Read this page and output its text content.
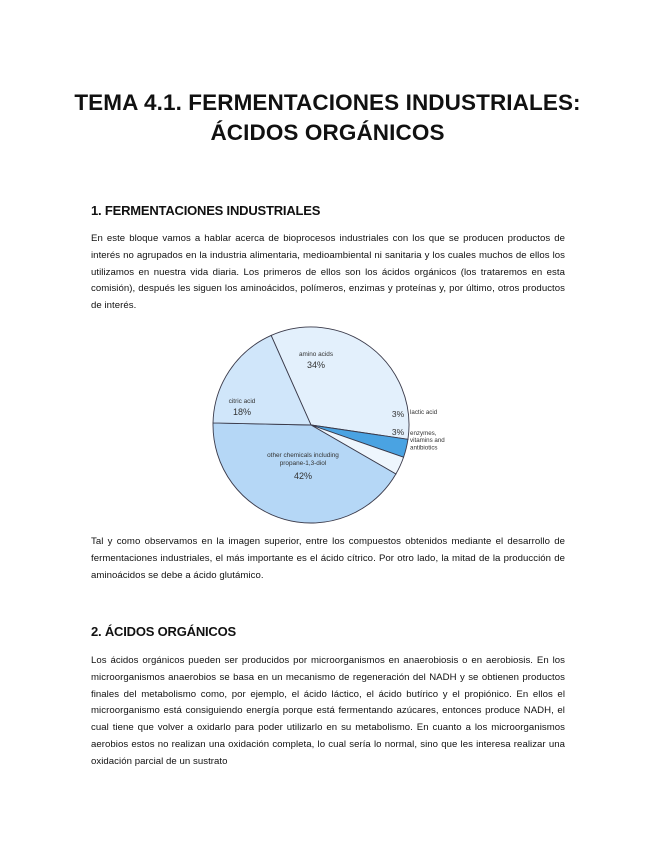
TEMA 4.1. FERMENTACIONES INDUSTRIALES: ÁCIDOS ORGÁNICOS
1. FERMENTACIONES INDUSTRIALES
En este bloque vamos a hablar acerca de bioprocesos industriales con los que se producen productos de interés no agrupados en la industria alimentaria, medioambiental ni sanitaria y los cuales muchos de ellos los utilizamos en nuestra vida diaria. Los primeros de ellos son los ácidos orgánicos (los trataremos en esta comisión), después les siguen los aminoácidos, polímeros, enzimas y proteínas y, por último, otros productos de interés.
amino acids
34%
3% lactic acid
3% enzymes,
vitamins and
antibiotics
other chemicals including
propane-1,3-diol
42%
citric acid
18%
Tal y como observamos en la imagen superior, entre los compuestos obtenidos mediante el desarrollo de fermentaciones industriales, el más importante es el ácido cítrico. Por otro lado, la mitad de la producción de aminoácidos se debe a ácido glutámico.
2. ÁCIDOS ORGÁNICOS
Los ácidos orgánicos pueden ser producidos por microorganismos en anaerobiosis o en aerobiosis. En los microorganismos anaerobios se basa en un mecanismo de regeneración del NADH y se obtienen productos finales del metabolismo como, por ejemplo, el ácido láctico, el ácido butírico y el propiónico. En ellos el microorganismo está consiguiendo energía porque está fermentando azúcares, entonces produce NADH, el cual tiene que volver a oxidarlo para poder utilizarlo en su metabolismo. En cuanto a los microorganismos aerobios estos no realizan una oxidación completa, lo cual sería lo normal, sino que les interesa realizar una oxidación parcial de un sustrato
